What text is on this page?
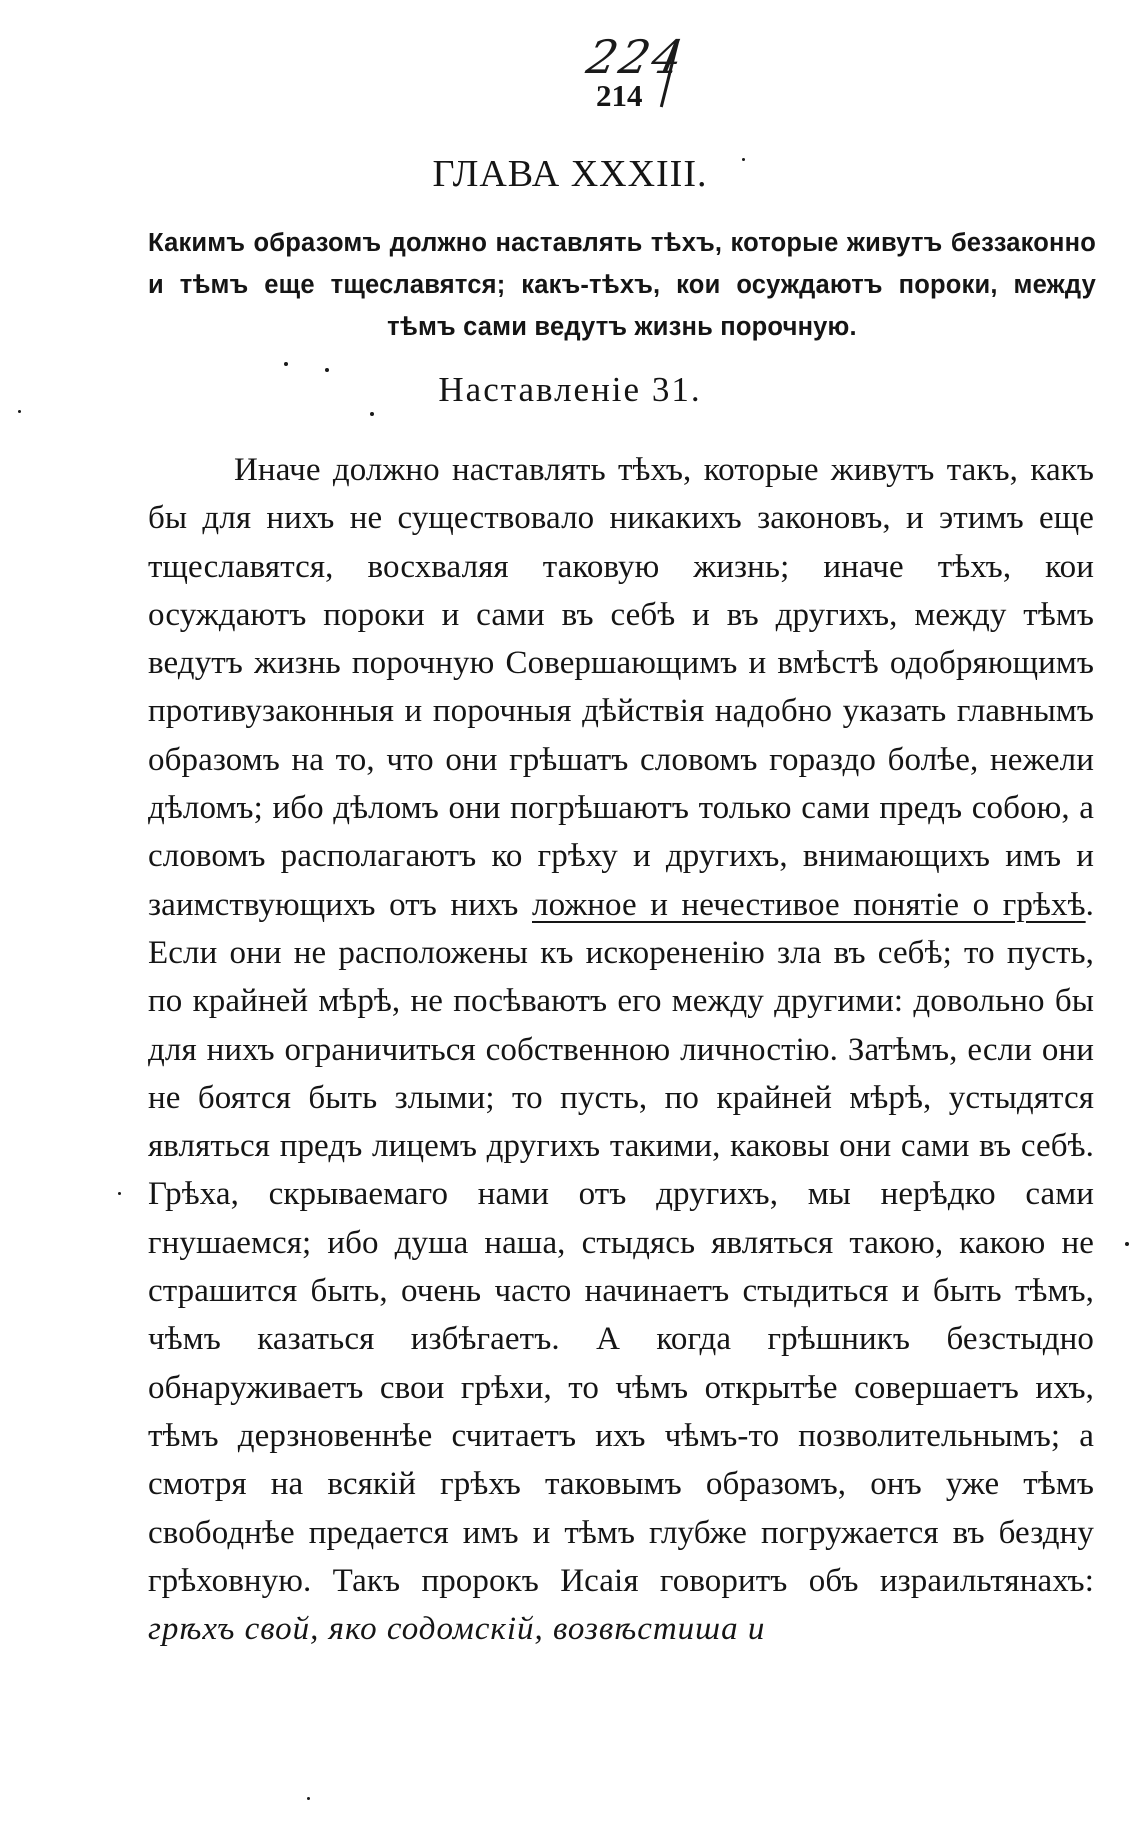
224
214
ГЛАВА XXXIII.
Какимъ образомъ должно наставлять тѣхъ, которые живутъ беззаконно и тѣмъ еще тщеславятся; какъ-тѣхъ, кои осуждаютъ пороки, между тѣмъ сами ведутъ жизнь порочную.
Наставленіе 31.
Иначе должно наставлять тѣхъ, которые живутъ такъ, какъ бы для нихъ не существовало никакихъ законовъ, и этимъ еще тщеславятся, восхваляя таковую жизнь; иначе тѣхъ, кои осуждаютъ пороки и сами въ себѣ и въ другихъ, между тѣмъ ведутъ жизнь порочную Совершающимъ и вмѣстѣ одобряющимъ противузаконныя и порочныя дѣйствія надобно указать главнымъ образомъ на то, что они грѣшатъ словомъ гораздо болѣе, нежели дѣломъ; ибо дѣломъ они погрѣшаютъ только сами предъ собою, а словомъ располагаютъ ко грѣху и другихъ, внимающихъ имъ и заимствующихъ отъ нихъ ложное и нечестивое понятіе о грѣхѣ. Если они не расположены къ искорененію зла въ себѣ; то пусть, по крайней мѣрѣ, не посѣваютъ его между другими: довольно бы для нихъ ограничиться собственною личностію. Затѣмъ, если они не боятся быть злыми; то пусть, по крайней мѣрѣ, устыдятся являться предъ лицемъ другихъ такими, каковы они сами въ себѣ. Грѣха, скрываемаго нами отъ другихъ, мы нерѣдко сами гнушаемся; ибо душа наша, стыдясь являться такою, какою не страшится быть, очень часто начинаетъ стыдиться и быть тѣмъ, чѣмъ казаться избѣгаетъ. А когда грѣшникъ безстыдно обнаруживаетъ свои грѣхи, то чѣмъ открытѣе совершаетъ ихъ, тѣмъ дерзновеннѣе считаетъ ихъ чѣмъ-то позволительнымъ; а смотря на всякій грѣхъ таковымъ образомъ, онъ уже тѣмъ свободнѣе предается имъ и тѣмъ глубже погружается въ бездну грѣховную. Такъ пророкъ Исаія говоритъ объ израильтянахъ: грѣхъ свой, яко содомскій, возвѣстиша и
